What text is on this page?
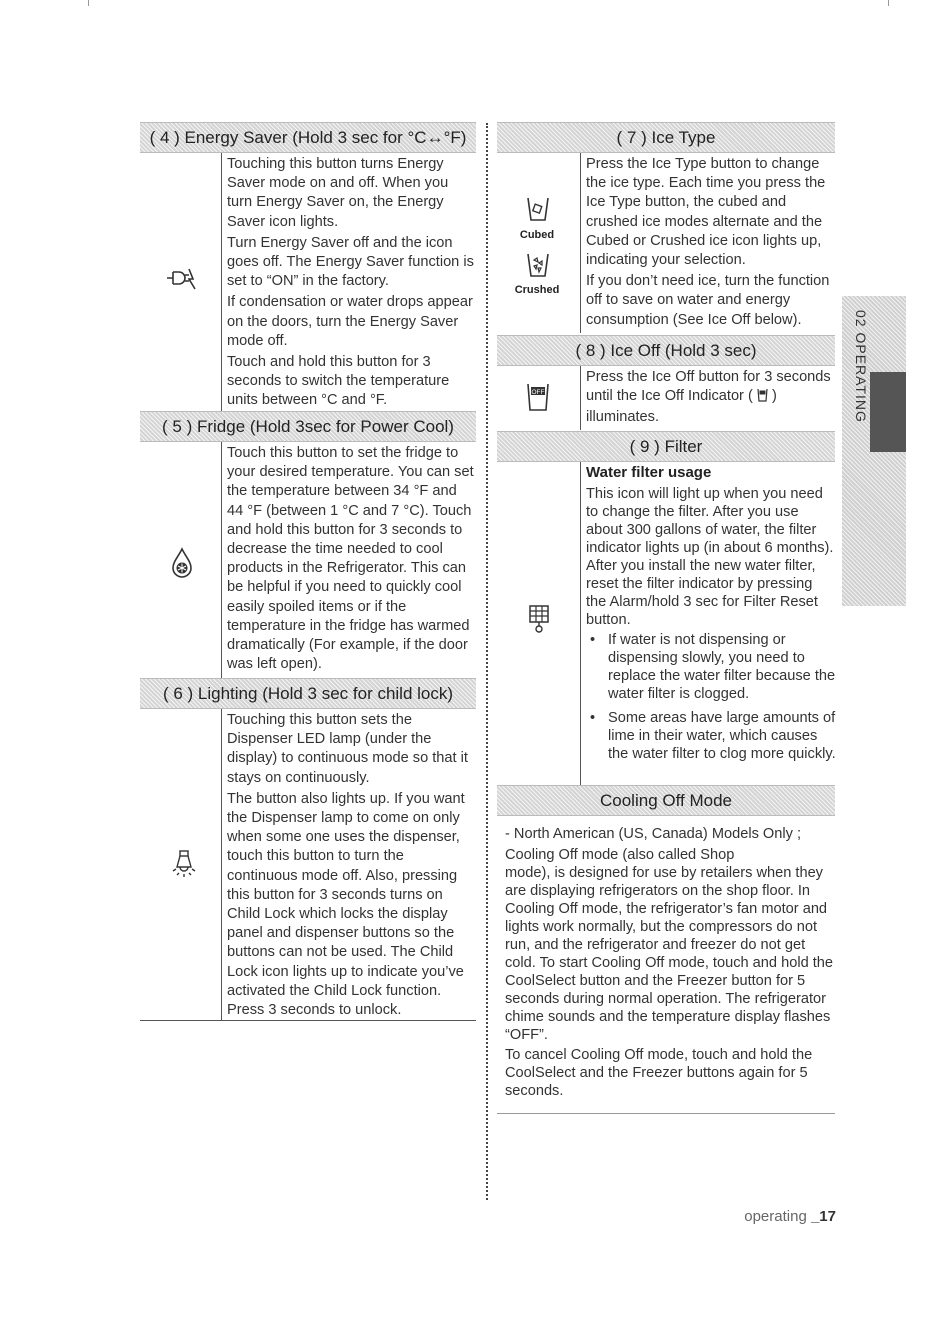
( 4 ) Energy Saver (Hold 3 sec for °C↔°F)

Touching this button turns Energy Saver mode on and off. When you turn Energy Saver on, the Energy Saver icon lights.

Turn Energy Saver off and the icon goes off. The Energy Saver function is set to “ON” in the factory.

If condensation or water drops appear on the doors, turn the Energy Saver mode off.

Touch and hold this button for 3 seconds to switch the temperature units between °C and °F.

( 5 ) Fridge (Hold 3sec for Power Cool)

Touch this button to set the fridge to your desired temperature. You can set the temperature between 34 °F and 44 °F (between 1 °C and 7 °C). Touch and hold this button for 3 seconds to decrease the time needed to cool products in the Refrigerator. This can be helpful if you need to quickly cool easily spoiled items or if the temperature in the fridge has warmed dramatically (For example, if the door was left open).

( 6 ) Lighting (Hold 3 sec for child lock)

Touching this button sets the Dispenser LED lamp (under the display) to continuous mode so that it stays on continuously.

The button also lights up. If you want the Dispenser lamp to come on only when some one uses the dispenser, touch this button to turn the continuous mode off. Also, pressing this button for 3 seconds turns on Child Lock which locks the display panel and dispenser buttons so the buttons can not be used. The Child Lock icon lights up to indicate you’ve activated the Child Lock function. Press 3 seconds to unlock.

( 7 ) Ice Type
Cubed
Crushed

Press the Ice Type button to change the ice type. Each time you press the Ice Type button, the cubed and crushed ice modes alternate and the Cubed or Crushed ice icon lights up, indicating your selection.

If you don’t need ice, turn the function off to save on water and energy consumption (See Ice Off below).

( 8 ) Ice Off (Hold 3 sec)
OFF

Press the Ice Off button for 3 seconds until the Ice Off Indicator (  ) illuminates.

( 9 ) Filter

Water filter usage

This icon will light up when you need to change the filter. After you use about 300 gallons of water, the filter indicator lights up (in about 6 months). After you install the new water filter, reset the filter indicator by pressing the Alarm/hold 3 sec for Filter Reset button.

• If water is not dispensing or dispensing slowly, you need to replace the water filter because the water filter is clogged.
• Some areas have large amounts of lime in their water, which causes the water filter to clog more quickly.
Cooling Off Mode

- North American (US, Canada) Models Only ;

Cooling Off mode (also called Shop

mode), is designed for use by retailers when they are displaying refrigerators on the shop floor. In Cooling Off mode, the refrigerator’s fan motor and lights work normally, but the compressors do not run, and the refrigerator and freezer do not get cold. To start Cooling Off mode, touch and hold the CoolSelect button and the Freezer button for 5 seconds during normal operation. The refrigerator chime sounds and the temperature display flashes “OFF”.

To cancel Cooling Off mode, touch and hold the CoolSelect and the Freezer buttons again for 5 seconds.

02 OPERATING
operating _17
